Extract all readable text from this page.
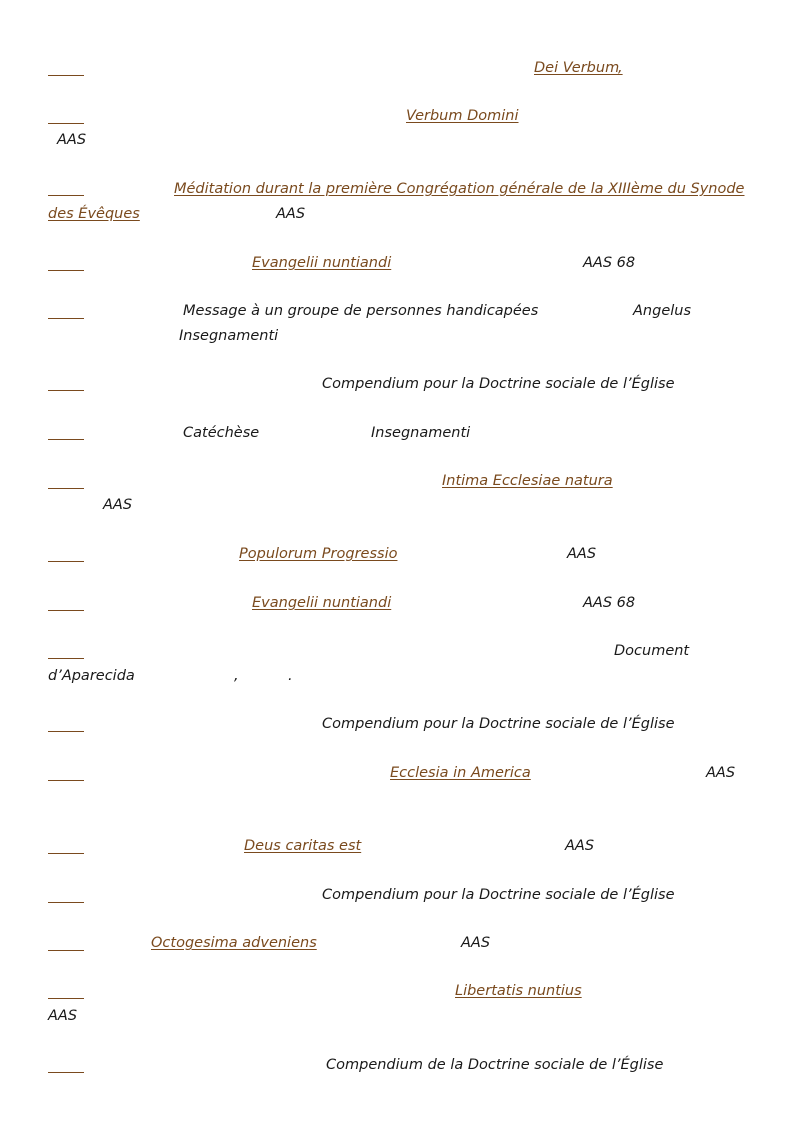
Dei Verbum
,
Verbum Domini
AAS
Méditation durant la première Congrégation générale de la XIIIème du Synode
des Évêques	AAS
Evangelii nuntiandi	AAS 68
Message à un groupe de personnes handicapées	Angelus
Insegnamenti
Compendium pour la Doctrine sociale de l’Église
Catéchèse	Insegnamenti
Intima Ecclesiae natura
AAS
Populorum Progressio	AAS
Evangelii nuntiandi	AAS 68
Document
d’Aparecida	,	.
Compendium pour la Doctrine sociale de l’Église
Ecclesia in America	AAS
Deus caritas est	AAS
Compendium pour la Doctrine sociale de l’Église
Octogesima adveniens	AAS
Libertatis nuntius
AAS
Compendium de la Doctrine sociale de l’Église
